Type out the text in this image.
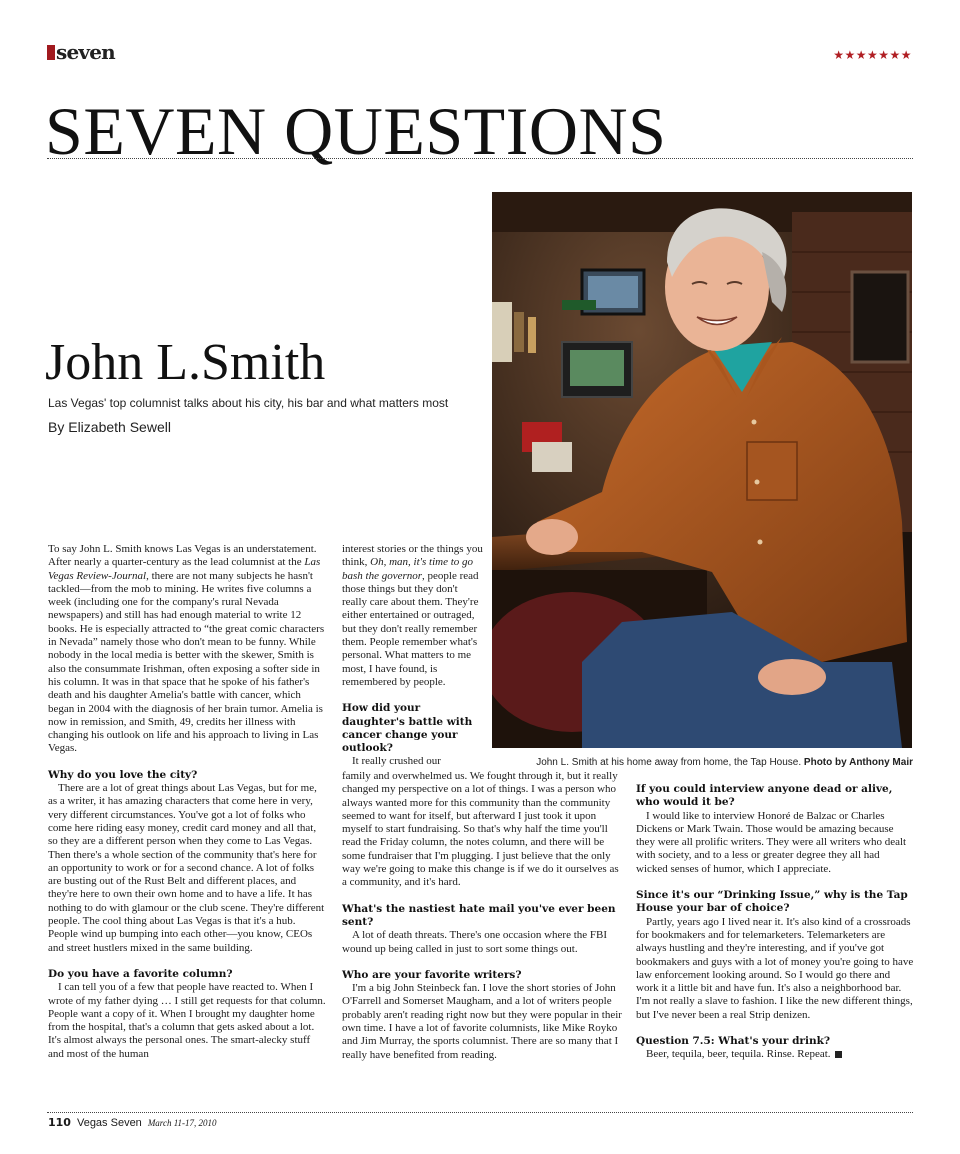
seven	★★★★★★★
SEVEN QUESTIONS
John L.Smith
Las Vegas' top columnist talks about his city, his bar and what matters most
By Elizabeth Sewell
John L. Smith at his home away from home, the Tap House. Photo by Anthony Mair

To say John L. Smith knows Las Vegas is an understatement. After nearly a quarter-century as the lead columnist at the Las Vegas Review-Journal, there are not many subjects he hasn't tackled—from the mob to mining. He writes five columns a week (including one for the company's rural Nevada newspapers) and still has had enough material to write 12 books. He is especially attracted to “the great comic characters in Nevada” namely those who don't mean to be funny. While nobody in the local media is better with the skewer, Smith is also the consummate Irishman, often exposing a softer side in his column. It was in that space that he spoke of his father's death and his daughter Amelia's battle with cancer, which began in 2004 with the diagnosis of her brain tumor. Amelia is now in remission, and Smith, 49, credits her illness with changing his outlook on life and his approach to living in Las Vegas.

Why do you love the city?

There are a lot of great things about Las Vegas, but for me, as a writer, it has amazing characters that come here in very, very different circumstances. You've got a lot of folks who come here riding easy money, credit card money and all that, so they are a different person when they come to Las Vegas. Then there's a whole section of the community that's here for an opportunity to work or for a second chance. A lot of folks are busting out of the Rust Belt and different places, and they're here to own their own home and to have a life. It has nothing to do with glamour or the club scene. They're different people. The cool thing about Las Vegas is that it's a hub. People wind up bumping into each other—you know, CEOs and street hustlers mixed in the same building.

Do you have a favorite column?

I can tell you of a few that people have reacted to. When I wrote of my father dying … I still get requests for that column. People want a copy of it. When I brought my daughter home from the hospital, that's a column that gets asked about a lot. It's almost always the personal ones. The smart-alecky stuff and most of the human

interest stories or the things you think, Oh, man, it's time to go bash the governor, people read those things but they don't really care about them. They're either entertained or outraged, but they don't really remember them. People remember what's personal. What matters to me most, I have found, is remembered by people.

How did your daughter's battle with cancer change your outlook?

It really crushed our

family and overwhelmed us. We fought through it, but it really changed my perspective on a lot of things. I was a person who always wanted more for this community than the community seemed to want for itself, but afterward I just took it upon myself to start fundraising. So that's why half the time you'll read the Friday column, the notes column, and there will be some fundraiser that I'm plugging. I just believe that the only way we're going to make this change is if we do it ourselves as a community, and it's hard.

What's the nastiest hate mail you've ever been sent?

A lot of death threats. There's one occasion where the FBI wound up being called in just to sort some things out.

Who are your favorite writers?

I'm a big John Steinbeck fan. I love the short stories of John O'Farrell and Somerset Maugham, and a lot of writers people probably aren't reading right now but they were popular in their own time. I have a lot of favorite columnists, like Mike Royko and Jim Murray, the sports columnist. There are so many that I really have benefited from reading.

If you could interview anyone dead or alive, who would it be?

I would like to interview Honoré de Balzac or Charles Dickens or Mark Twain. Those would be amazing because they were all prolific writers. They were all writers who dealt with society, and to a less or greater degree they all had wicked senses of humor, which I appreciate.

Since it's our “Drinking Issue,” why is the Tap House your bar of choice?

Partly, years ago I lived near it. It's also kind of a crossroads for bookmakers and for telemarketers. Telemarketers are always hustling and they're interesting, and if you've got bookmakers and guys with a lot of money you're going to have law enforcement looking around. So I would go there and work it a little bit and have fun. It's also a neighborhood bar. I'm not really a slave to fashion. I like the new different things, but I've never been a real Strip denizen.

Question 7.5: What's your drink?

Beer, tequila, beer, tequila. Rinse. Repeat.

110 Vegas Seven March 11-17, 2010
